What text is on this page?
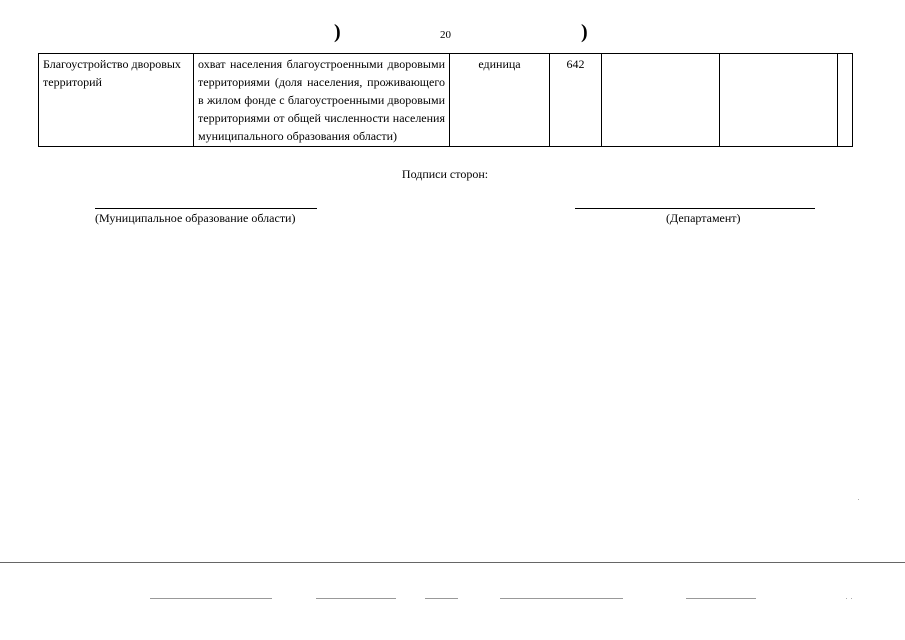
)	20	)
Благоустройство дворовых территорий	охват населения благоустроенными дворовыми территориями (доля населения, проживающего в жилом фонде с благоустроенными дворовыми территориями от общей численности населения муниципального образования области)	единица	642			
Подписи сторон:
(Муниципальное образование области)	(Департамент)
